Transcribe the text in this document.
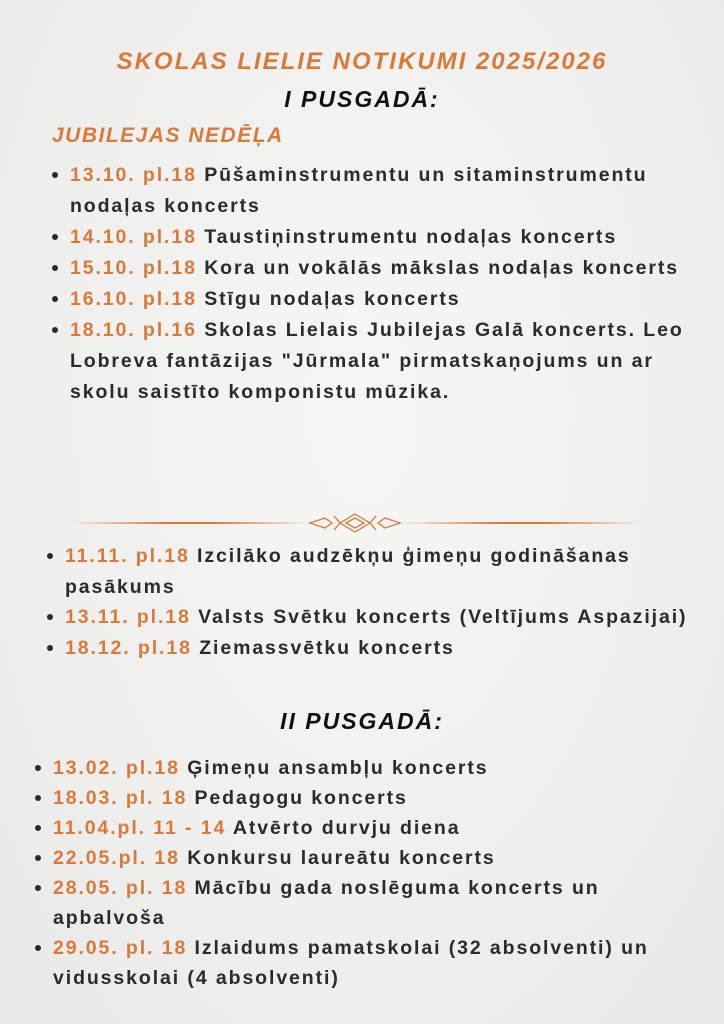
SKOLAS LIELIE NOTIKUMI 2025/2026
I PUSGADĀ:
JUBILEJAS NEDĒĻA
13.10. pl.18 Pūšaminstrumentu un sitaminstrumentu nodaļas koncerts
14.10. pl.18 Taustiņinstrumentu nodaļas koncerts
15.10. pl.18 Kora un vokālās mākslas nodaļas koncerts
16.10. pl.18 Stīgu nodaļas koncerts
18.10. pl.16 Skolas Lielais Jubilejas Galā koncerts. Leo Lobreva fantāzijas "Jūrmala" pirmatskaņojums un ar skolu saistīto komponistu mūzika.
11.11. pl.18 Izcilāko audzēkņu ģimeņu godināšanas pasākums
13.11. pl.18 Valsts Svētku koncerts (Veltījums Aspazijai)
18.12. pl.18 Ziemassvētku koncerts
II PUSGADĀ:
13.02. pl.18 Ģimeņu ansambļu koncerts
18.03. pl. 18 Pedagogu koncerts
11.04.pl. 11 - 14 Atvērto durvju diena
22.05.pl. 18 Konkursu laureātu koncerts
28.05. pl. 18 Mācību gada noslēguma koncerts un apbalvoša
29.05. pl. 18 Izlaidums pamatskolai (32 absolventi) un vidusskolai (4 absolventi)
